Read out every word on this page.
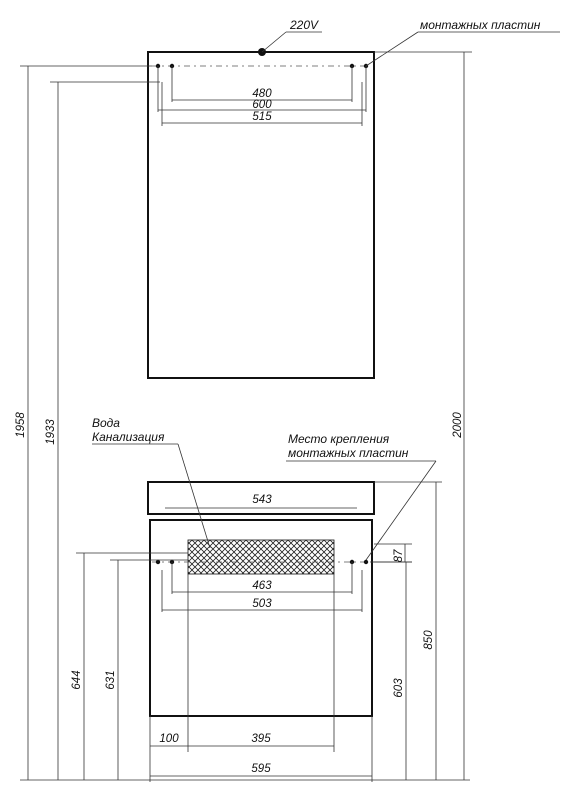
480
600
515
220V	монтажных пластин
1958 1933	2000
543
463
503
87
850
603
644 631
100	395
595
Вода
Канализация	Место крепления
монтажных пластин
